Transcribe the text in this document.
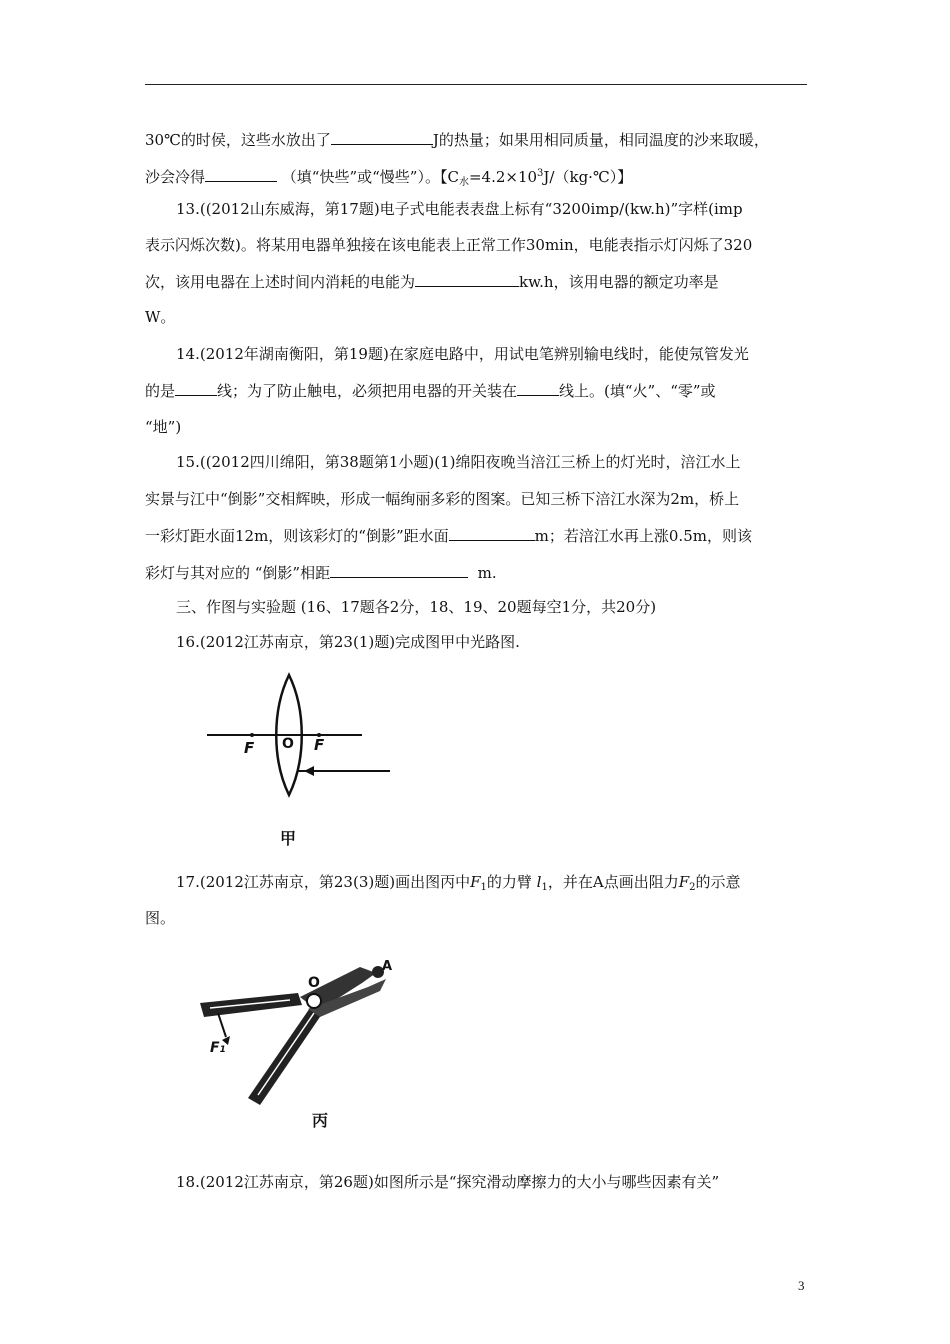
30℃的时侯，这些水放出了	J的热量；如果用相同质量，相同温度的沙来取暖，
沙会冷得	（填“快些”或“慢些”）。【$C_水=4.2\times 10^3J/(kg\cdot℃)$】
13.((2012山东威海，第17题)电子式电能表表盘上标有“3200imp/(kw.h)”字样(imp
表示闪烁次数)。将某用电器单独接在该电能表上正常工作30min，电能表指示灯闪烁了320
次，该用电器在上述时间内消耗的电能为	kw.h，该用电器的额定功率是
W。
14.(2012年湖南衡阳，第19题)在家庭电路中，用试电笔辨别输电线时，能使氖管发光
的是	线；为了防止触电，必须把用电器的开关装在	线上。(填“火”、“零”或
“地”)
15.((2012四川绵阳，第38题第1小题)(1)绵阳夜晚当涪江三桥上的灯光时，涪江水上
实景与江中“倒影”交相辉映，形成一幅绚丽多彩的图案。已知三桥下涪江水深为2m，桥上
一彩灯距水面12m，则该彩灯的“倒影”距水面	m；若涪江水再上涨0.5m，则该
彩灯与其对应的 “倒影”相距	m.
三、作图与实验题 (16、17题各2分，18、19、20题每空1分，共20分)
16.(2012江苏南京，第23(1)题)完成图甲中光路图.
F O F
甲
17.(2012江苏南京，第23(3)题)画出图丙中$F_1$的力臂 $l_1$，并在A点画出阻力$F_2$的示意
图。
O
A
F1
丙
18.(2012江苏南京，第26题)如图所示是“探究滑动摩擦力的大小与哪些因素有关”
3
